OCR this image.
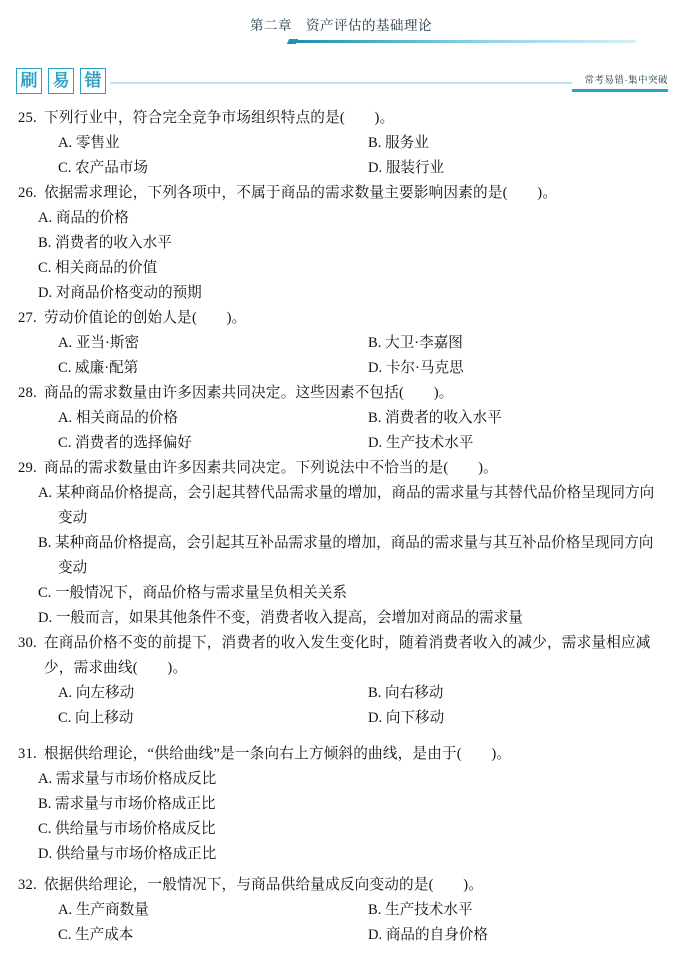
第二章　资产评估的基础理论
刷 易 错	常考易错·集中突破
25. 下列行业中，符合完全竞争市场组织特点的是(　　)。
A. 零售业	B. 服务业
C. 农产品市场	D. 服装行业
26. 依据需求理论，下列各项中，不属于商品的需求数量主要影响因素的是(　　)。
A. 商品的价格
B. 消费者的收入水平
C. 相关商品的价值
D. 对商品价格变动的预期
27. 劳动价值论的创始人是(　　)。
A. 亚当·斯密	B. 大卫·李嘉图
C. 威廉·配第	D. 卡尔·马克思
28. 商品的需求数量由许多因素共同决定。这些因素不包括(　　)。
A. 相关商品的价格	B. 消费者的收入水平
C. 消费者的选择偏好	D. 生产技术水平
29. 商品的需求数量由许多因素共同决定。下列说法中不恰当的是(　　)。
A. 某种商品价格提高，会引起其替代品需求量的增加，商品的需求量与其替代品价格呈现同方向变动
B. 某种商品价格提高，会引起其互补品需求量的增加，商品的需求量与其互补品价格呈现同方向变动
C. 一般情况下，商品价格与需求量呈负相关关系
D. 一般而言，如果其他条件不变，消费者收入提高，会增加对商品的需求量
30. 在商品价格不变的前提下，消费者的收入发生变化时，随着消费者收入的减少，需求量相应减少，需求曲线(　　)。
A. 向左移动	B. 向右移动
C. 向上移动	D. 向下移动
31. 根据供给理论，“供给曲线”是一条向右上方倾斜的曲线，是由于(　　)。
A. 需求量与市场价格成反比
B. 需求量与市场价格成正比
C. 供给量与市场价格成反比
D. 供给量与市场价格成正比
32. 依据供给理论，一般情况下，与商品供给量成反向变动的是(　　)。
A. 生产商数量	B. 生产技术水平
C. 生产成本	D. 商品的自身价格
